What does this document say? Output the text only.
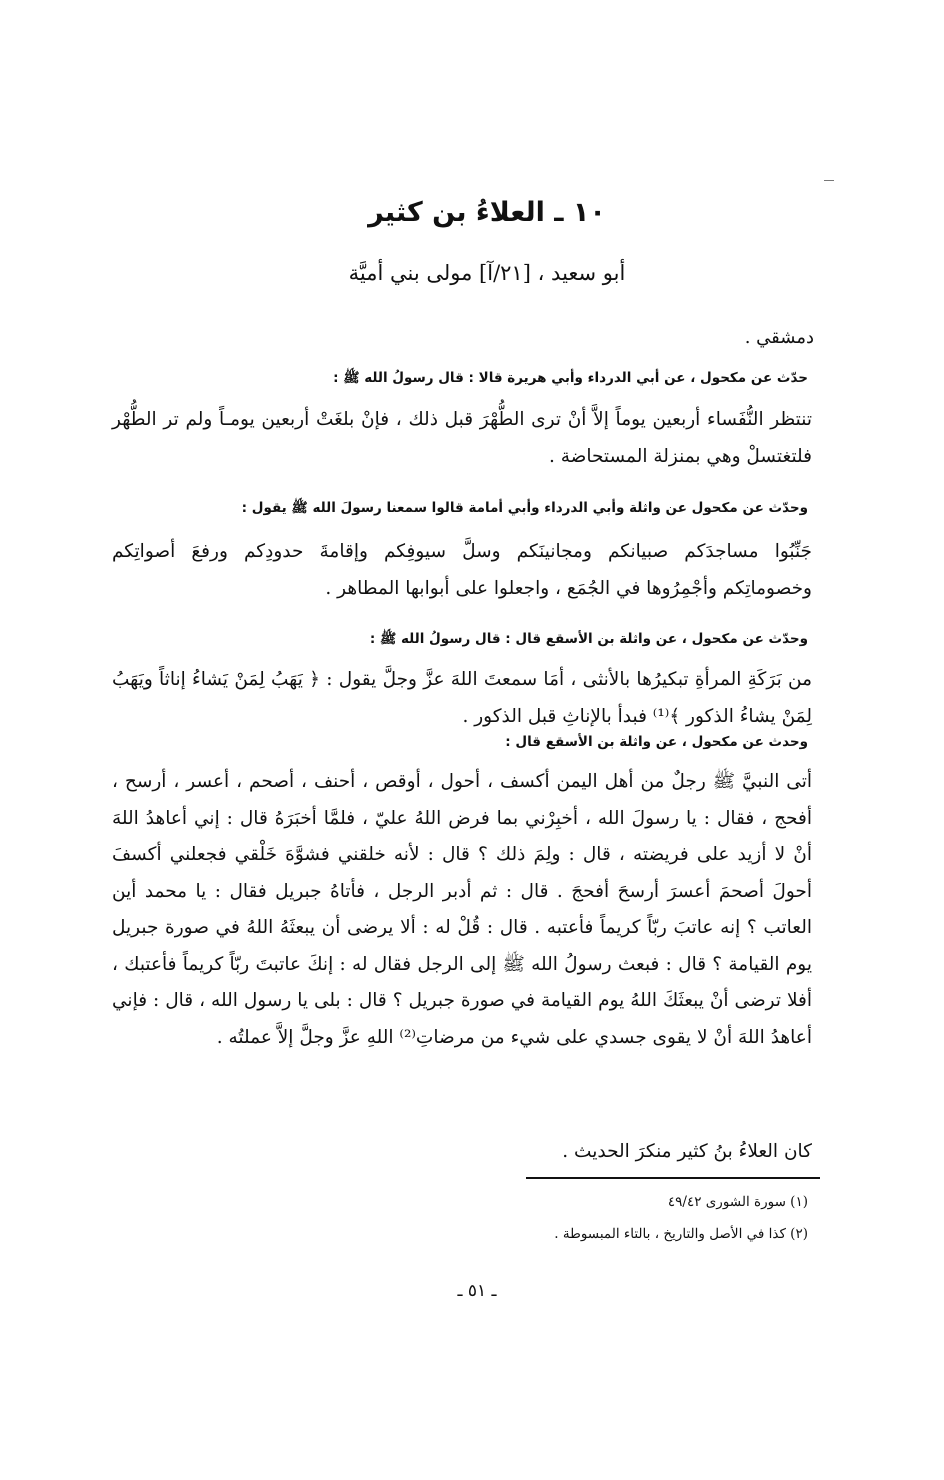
١٠ ـ العلاءُ بن كثير
أبو سعيد ، [٢١/آ] مولى بني أميَّة
دمشقي .
حدّث عن مكحول ، عن أبي الدرداء وأبي هريرة قالا : قال رسولُ الله ﷺ :
تنتظر النُّفَساء أربعين يوماً إلاَّ أنْ ترى الطُّهْرَ قبل ذلك ، فإنْ بلغَتْ أربعين يومـاً ولم تر الطُّهْر فلتغتسلْ وهي بمنزلة المستحاضة .
وحدّث عن مكحول عن واثلة وأبي الدرداء وأبي أمامة قالوا سمعنا رسولَ الله ﷺ يقول :
جَنِّبُوا مساجدَكم صبيانكم ومجانينَكم وسلَّ سيوفِكم وإقامةَ حدودِكم ورفعَ أصواتِكم وخصوماتِكم وأجْمِرُوها في الجُمَع ، واجعلوا على أبوابها المطاهر .
وحدّث عن مكحول ، عن واثلة بن الأسقع قال : قال رسولُ الله ﷺ :
من بَرَكَةِ المرأةِ تبكيرُها بالأنثى ، أمَا سمعتَ اللهَ عزَّ وجلَّ يقول : ﴿ يَهَبُ لِمَنْ يَشاءُ إناثاً ويَهَبُ لِمَنْ يشاءُ الذكور ﴾⁽¹⁾ فبدأ بالإناثِ قبل الذكور .
وحدث عن مكحول ، عن واثلة بن الأسقع قال :
أتى النبيَّ ﷺ رجلٌ من أهل اليمن أكسف ، أحول ، أوقص ، أحنف ، أصحم ، أعسر ، أرسح ، أفحج ، فقال : يا رسولَ الله ، أخبِرْني بما فرض اللهُ عليّ ، فلمَّا أخبَرَهُ قال : إني أعاهدُ اللهَ أنْ لا أزيد على فريضته ، قال : ولِمَ ذلك ؟ قال : لأنه خلقني فشوَّهَ خَلْقي فجعلني أكسفَ أحولَ أصحمَ أعسرَ أرسحَ أفحجَ . قال : ثم أدبر الرجل ، فأتاهُ جبريل فقال : يا محمد أين العاتب ؟ إنه عاتبَ ربّاً كريماً فأعتبه . قال : قُلْ له : ألا يرضى أن يبعثَهُ اللهُ في صورة جبريل يوم القيامة ؟ قال : فبعث رسولُ الله ﷺ إلى الرجل فقال له : إنكَ عاتبتَ ربّاً كريماً فأعتبك ، أفلا ترضى أنْ يبعثَكَ اللهُ يوم القيامة في صورة جبريل ؟ قال : بلى يا رسول الله ، قال : فإني أعاهدُ اللهَ أنْ لا يقوى جسدي على شيء من مرضاتِ⁽²⁾ اللهِ عزَّ وجلَّ إلاَّ عملتُه .
كان العلاءُ بنُ كثير منكرَ الحديث .
(١) سورة الشورى ٤٩/٤٢
(٢) كذا في الأصل والتاريخ ، بالتاء المبسوطة .
ـ ٥١ ـ
